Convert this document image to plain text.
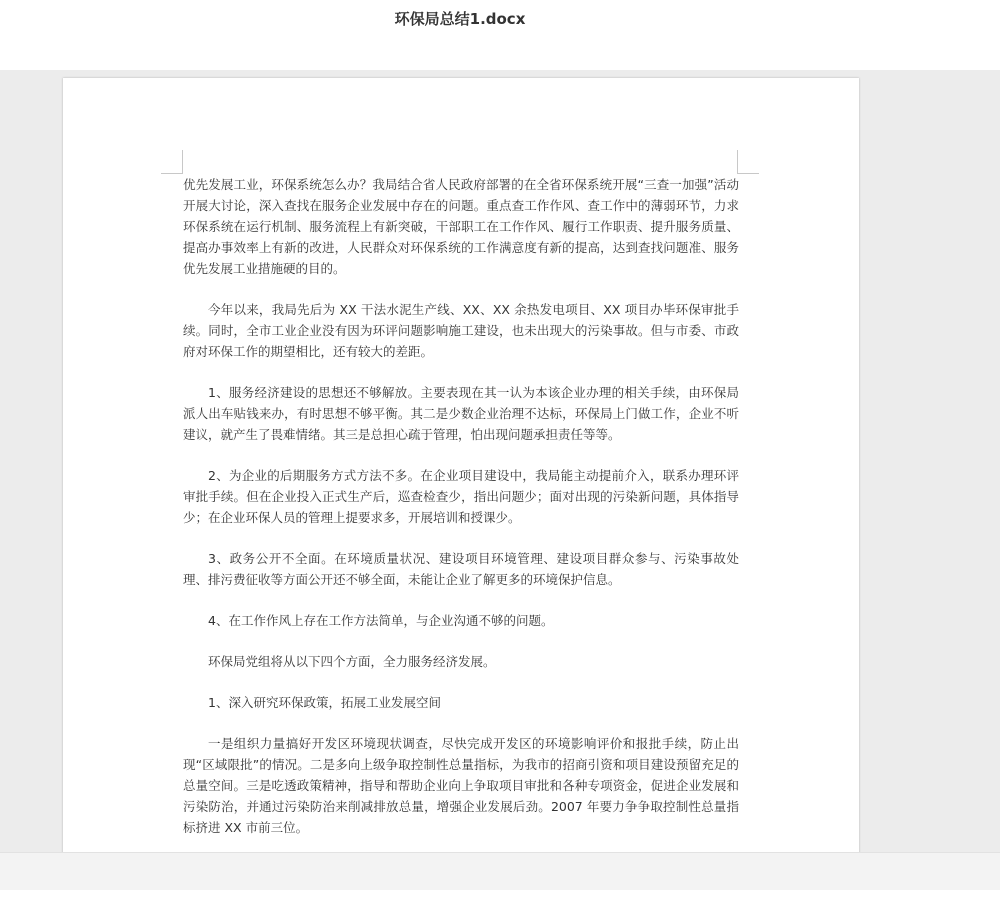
环保局总结1.docx

优先发展工业，环保系统怎么办？我局结合省人民政府部署的在全省环保系统开展“三查一加强”活动开展大讨论，深入查找在服务企业发展中存在的问题。重点查工作作风、查工作中的薄弱环节，力求环保系统在运行机制、服务流程上有新突破，干部职工在工作作风、履行工作职责、提升服务质量、提高办事效率上有新的改进，人民群众对环保系统的工作满意度有新的提高，达到查找问题准、服务优先发展工业措施硬的目的。

今年以来，我局先后为 XX 干法水泥生产线、XX、XX 余热发电项目、XX 项目办毕环保审批手续。同时，全市工业企业没有因为环评问题影响施工建设，也未出现大的污染事故。但与市委、市政府对环保工作的期望相比，还有较大的差距。

1、服务经济建设的思想还不够解放。主要表现在其一认为本该企业办理的相关手续，由环保局派人出车贴钱来办，有时思想不够平衡。其二是少数企业治理不达标，环保局上门做工作，企业不听建议，就产生了畏难情绪。其三是总担心疏于管理，怕出现问题承担责任等等。

2、为企业的后期服务方式方法不多。在企业项目建设中，我局能主动提前介入，联系办理环评审批手续。但在企业投入正式生产后，巡查检查少，指出问题少；面对出现的污染新问题，具体指导少；在企业环保人员的管理上提要求多，开展培训和授课少。

3、政务公开不全面。在环境质量状况、建设项目环境管理、建设项目群众参与、污染事故处理、排污费征收等方面公开还不够全面，未能让企业了解更多的环境保护信息。

4、在工作作风上存在工作方法简单，与企业沟通不够的问题。

环保局党组将从以下四个方面，全力服务经济发展。

1、深入研究环保政策，拓展工业发展空间

一是组织力量搞好开发区环境现状调查，尽快完成开发区的环境影响评价和报批手续，防止出现“区域限批”的情况。二是多向上级争取控制性总量指标，为我市的招商引资和项目建设预留充足的总量空间。三是吃透政策精神，指导和帮助企业向上争取项目审批和各种专项资金，促进企业发展和污染防治，并通过污染防治来削减排放总量，增强企业发展后劲。2007 年要力争争取控制性总量指标挤进 XX 市前三位。
